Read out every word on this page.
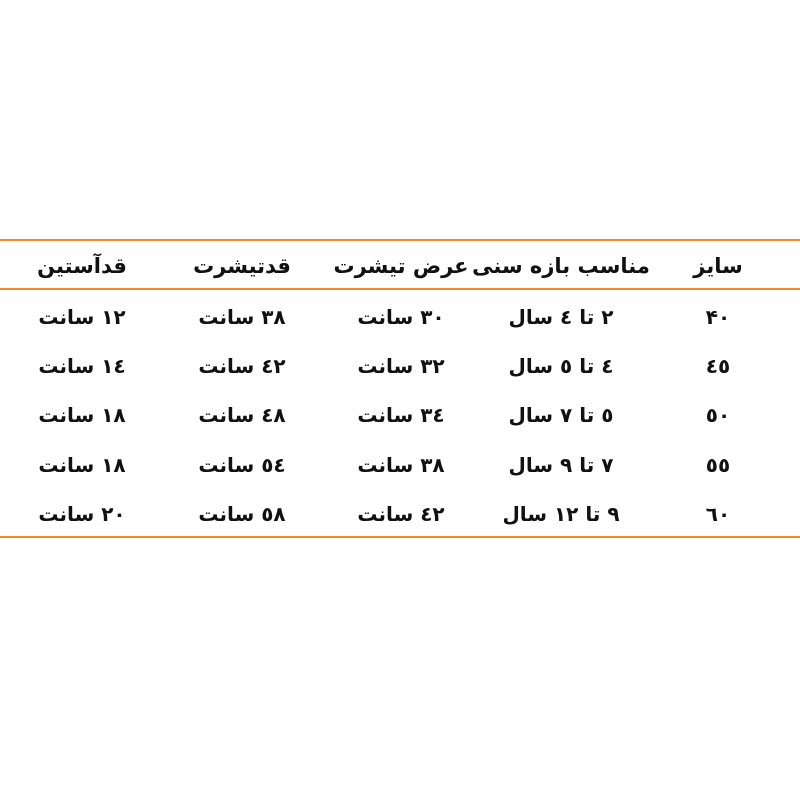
سایز
مناسب بازه سنی
عرض تیشرت
قدتیشرت
قدآستین
۴۰
۲ تا ٤ سال
۳۰ سانت
۳۸ سانت
۱۲ سانت
٤٥
٤ تا ٥ سال
۳۲ سانت
٤۲ سانت
١٤ سانت
٥٠
٥ تا ٧ سال
۳٤ سانت
٤٨ سانت
۱۸ سانت
٥٥
٧ تا ٩ سال
۳۸ سانت
٥٤ سانت
۱۸ سانت
٦٠
۹ تا ۱۲ سال
٤۲ سانت
٥٨ سانت
۲۰ سانت
